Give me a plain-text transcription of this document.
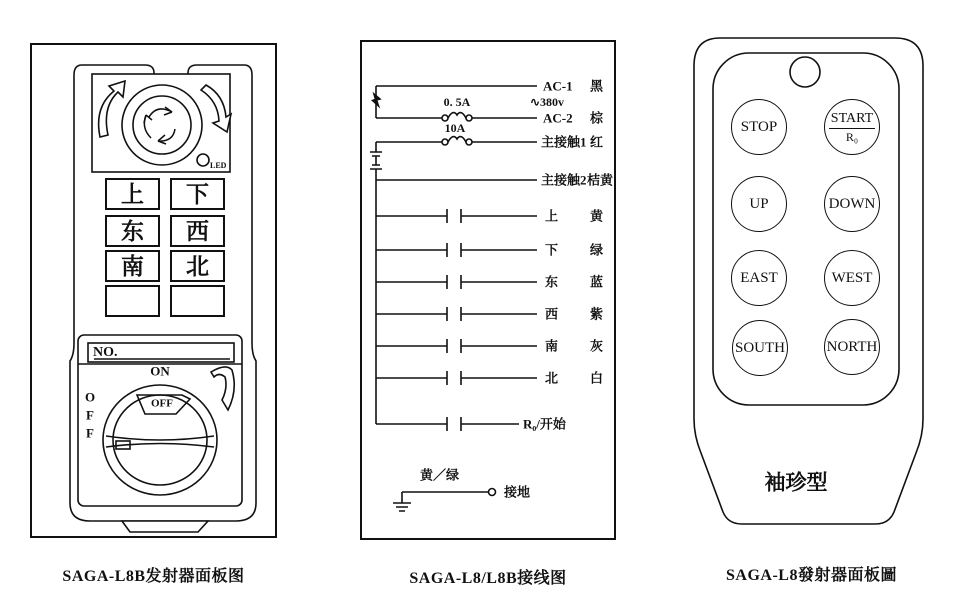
LED
上	下
东	西
南	北
NO.
ON
OFF
O
F
F
AC-1 黑
∿380v
0. 5A
AC-2 棕
10A
主接触1 红
主接触2 桔黄
上 黄
下 绿
东 蓝
西 紫
南 灰
北 白
R₀/开始
黄／绿
接地
STOP
START
R₀
UP	DOWN
EAST	WEST
SOUTH	NORTH
袖珍型
SAGA-L8B发射器面板图	SAGA-L8/L8B接线图	SAGA-L8發射器面板圖
